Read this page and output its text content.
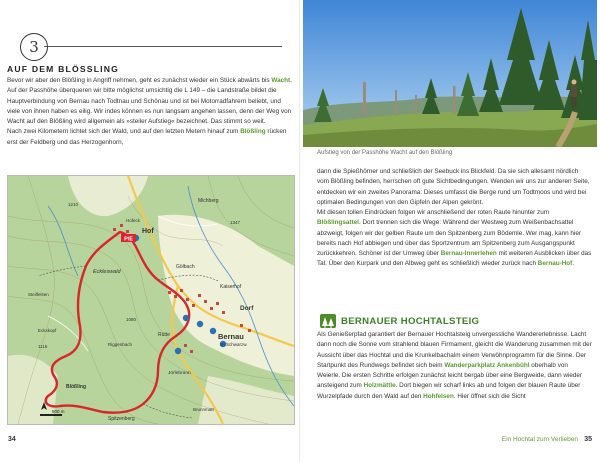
3
AUF DEM BLÖSSLING

Bevor wir aber den Blößling in Angriff nehmen, geht es zunächst wieder ein Stück abwärts bis Wacht. Auf der Passhöhe überqueren wir bitte möglichst umsichtig die L 149 – die Landstraße bildet die Hauptverbindung von Bernau nach Todtnau und Schönau und ist bei Motorradfahrern beliebt, und viele von ihnen haben es eilig. Wir indes können es nun langsam angehen lassen, denn der Weg von Wacht auf den Blößling wird allgemein als »steiler Aufstieg« bezeichnet. Das stimmt so weit.

Nach zwei Kilometern lichtet sich der Wald, und auf den letzten Metern hinauf zum Blößling rücken erst der Feldberg und das Herzogenhorn,

P/E
Hof
Hofeck
Michberg
Eckleswald
Gölbach
Kaiserhof
Bernau
im Schwarzw.
Dorf
Rütte
Jörlebrunn
Blößling
Spitzenberg
Steilfelsen
Eckskopf
Brunnmatt
Riggenbach
1347
1210
1116
1080
500 m
34
Aufstieg von der Passhöhe Wacht auf den Blößling

dann die Spießhörner und schließlich der Seebuck ins Blickfeld. Da sie sich allesamt nördlich vom Blößling befinden, herrschen oft gute Sichtbedingungen. Wenden wir uns zur anderen Seite, entdecken wir ein zweites Panorama: Dieses umfasst die Berge rund um Todtmoos und wird bei optimalen Bedingungen von den Gipfeln der Alpen gekrönt.

Mit diesen tollen Eindrücken folgen wir anschließend der roten Raute hinunter zum Blößlingsattel. Dort trennen sich die Wege: Während der Westweg zum Weißenbachsattel abzweigt, folgen wir der gelben Raute um den Spitzenberg zum Bödemle. Wer mag, kann hier bereits nach Hof abbiegen und über das Sportzentrum am Spitzenberg zum Ausgangspunkt zurückkehren. Schöner ist der Umweg über Bernau-Innerlehen mit weiteren Ausblicken über das Tal. Über den Kurpark und den Albweg geht es schließlich wieder zurück nach Bernau-Hof.

BERNAUER HOCHTALSTEIG

Als Genießerpfad garantiert der Bernauer Hochtalsteig unvergessliche Wandererlebnisse. Lacht dann noch die Sonne vom strahlend blauen Firmament, gleicht die Wanderung zusammen mit der Aussicht über das Hochtal und die Krunkelbachalm einem Verwöhnprogramm für die Sinne. Der Startpunkt des Rundwegs befindet sich beim Wanderparkplatz Ankenbühl oberhalb von Weierle. Die ersten Schritte erfolgen zunächst leicht bergab über eine Bergweide, dann wieder ansteigend zum Holzmättle. Dort biegen wir scharf links ab und folgen der blauen Raute über Wurzelpfade durch den Wald auf den Hohfelsen. Hier öffnet sich die Sicht

Ein Hochtal zum Verlieben 35
